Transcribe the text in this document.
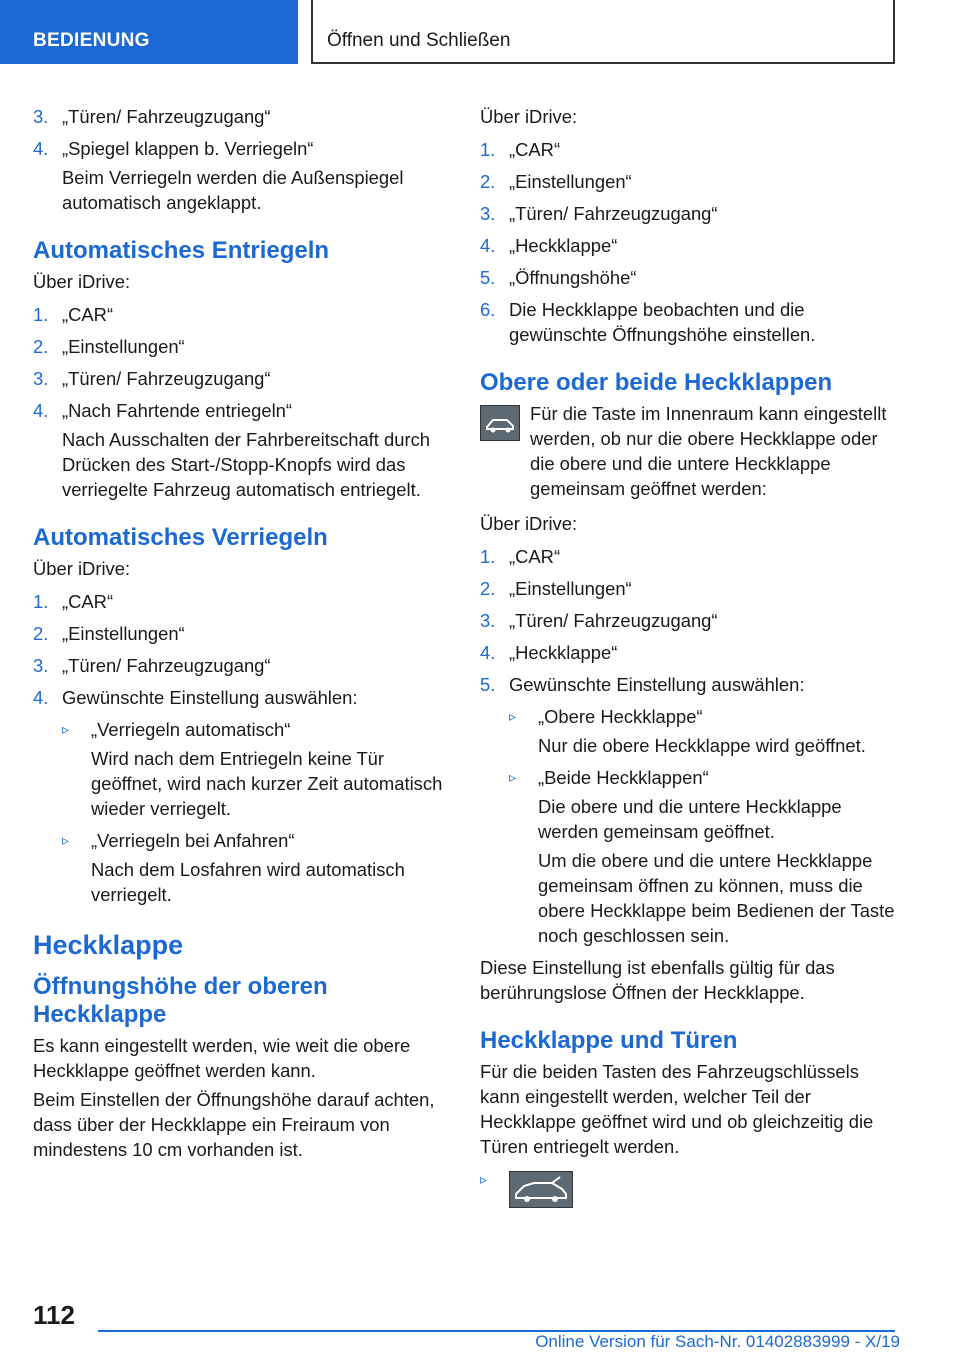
BEDIENUNG	Öffnen und Schließen
3. „Türen/ Fahrzeugzugang“
4. „Spiegel klappen b. Verriegeln“
Beim Verriegeln werden die Außenspiegel automatisch angeklappt.
Automatisches Entriegeln
Über iDrive:
1. „CAR“
2. „Einstellungen“
3. „Türen/ Fahrzeugzugang“
4. „Nach Fahrtende entriegeln“
Nach Ausschalten der Fahrbereitschaft durch Drücken des Start-/Stopp-Knopfs wird das verriegelte Fahrzeug automatisch entriegelt.
Automatisches Verriegeln
Über iDrive:
1. „CAR“
2. „Einstellungen“
3. „Türen/ Fahrzeugzugang“
4. Gewünschte Einstellung auswählen:
▹ „Verriegeln automatisch“
Wird nach dem Entriegeln keine Tür geöffnet, wird nach kurzer Zeit automatisch wieder verriegelt.
▹ „Verriegeln bei Anfahren“
Nach dem Losfahren wird automatisch verriegelt.
Heckklappe
Öffnungshöhe der oberen Heckklappe
Es kann eingestellt werden, wie weit die obere Heckklappe geöffnet werden kann.
Beim Einstellen der Öffnungshöhe darauf achten, dass über der Heckklappe ein Freiraum von mindestens 10 cm vorhanden ist.
Über iDrive:
1. „CAR“
2. „Einstellungen“
3. „Türen/ Fahrzeugzugang“
4. „Heckklappe“
5. „Öffnungshöhe“
6. Die Heckklappe beobachten und die gewünschte Öffnungshöhe einstellen.
Obere oder beide Heckklappen
Für die Taste im Innenraum kann eingestellt werden, ob nur die obere Heckklappe oder die obere und die untere Heckklappe gemeinsam geöffnet werden:
Über iDrive:
1. „CAR“
2. „Einstellungen“
3. „Türen/ Fahrzeugzugang“
4. „Heckklappe“
5. Gewünschte Einstellung auswählen:
▹ „Obere Heckklappe“
Nur die obere Heckklappe wird geöffnet.
▹ „Beide Heckklappen“
Die obere und die untere Heckklappe werden gemeinsam geöffnet.
Um die obere und die untere Heckklappe gemeinsam öffnen zu können, muss die obere Heckklappe beim Bedienen der Taste noch geschlossen sein.
Diese Einstellung ist ebenfalls gültig für das berührungslose Öffnen der Heckklappe.
Heckklappe und Türen
Für die beiden Tasten des Fahrzeugschlüssels kann eingestellt werden, welcher Teil der Heckklappe geöffnet wird und ob gleichzeitig die Türen entriegelt werden.
▹
112
Online Version für Sach-Nr. 01402883999 - X/19
